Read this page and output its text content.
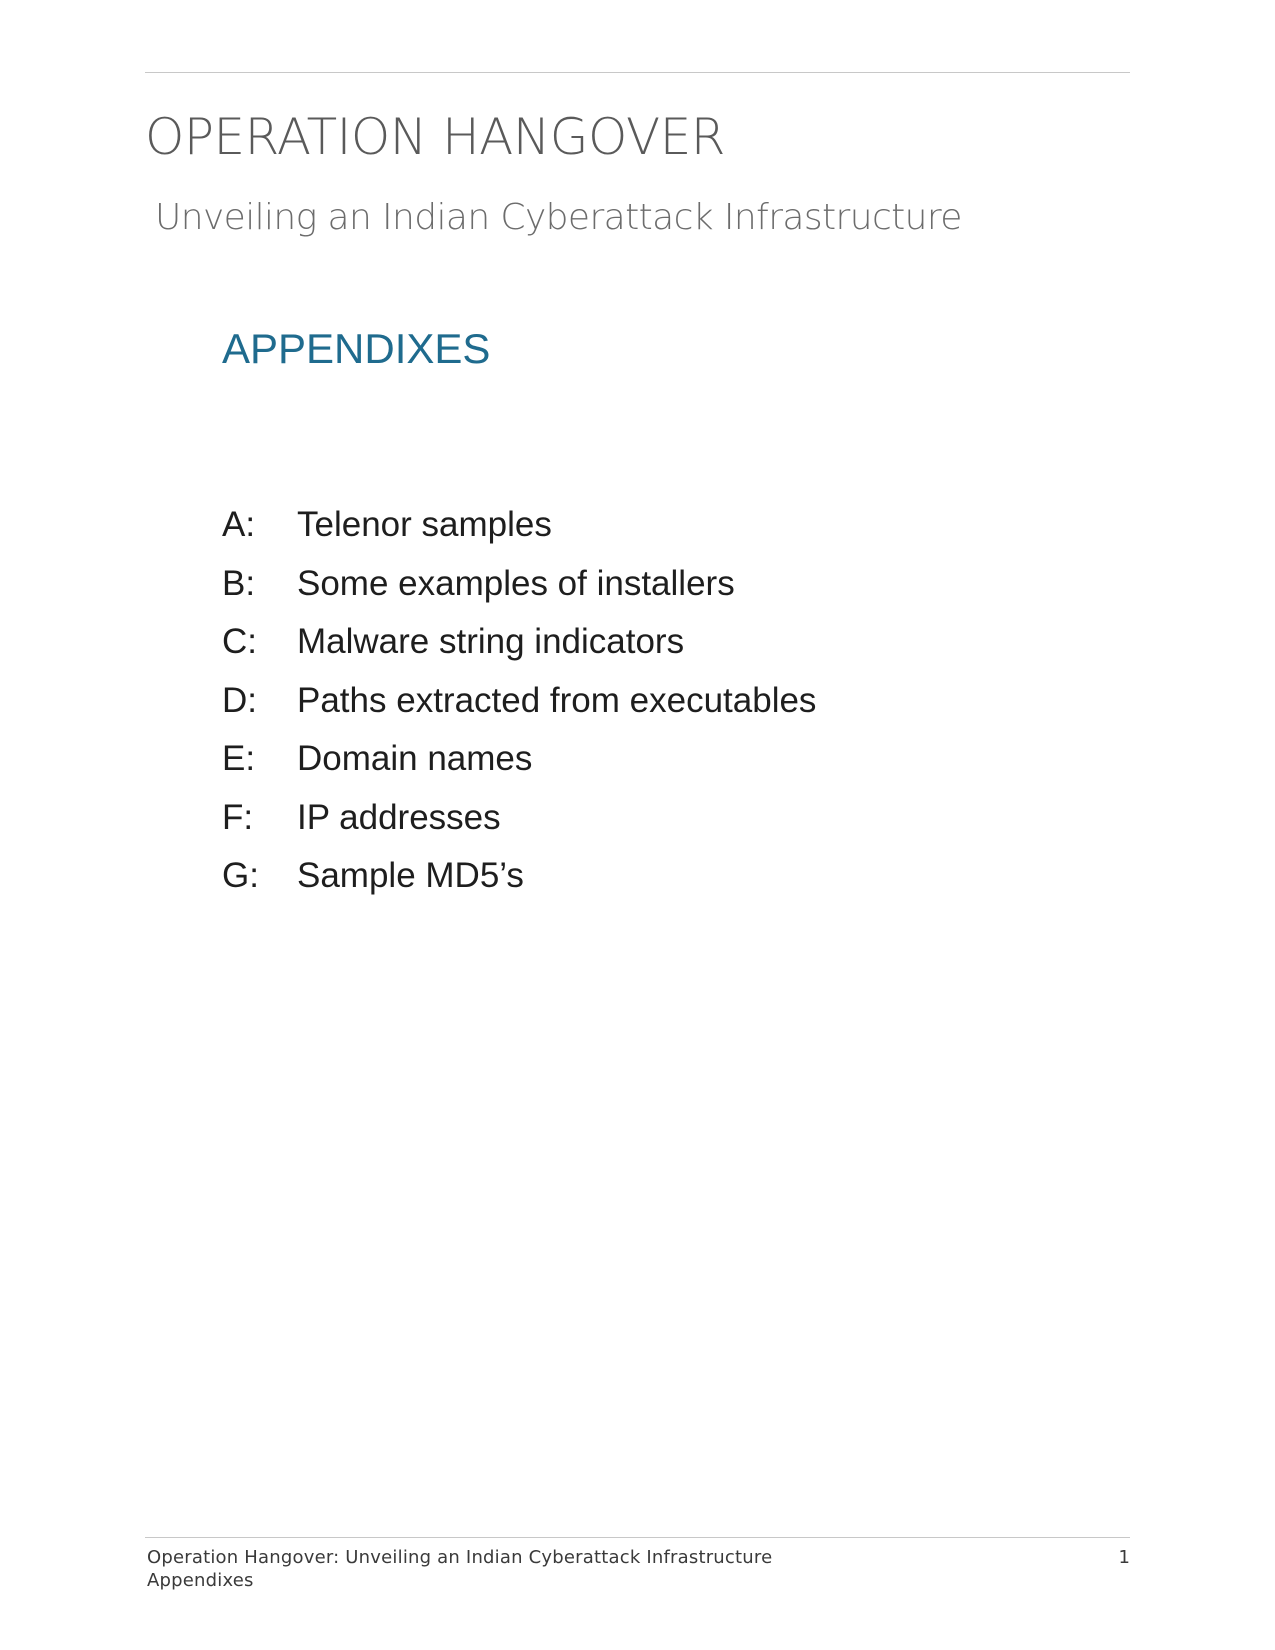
OPERATION HANGOVER
Unveiling an Indian Cyberattack Infrastructure
APPENDIXES
A:	Telenor samples
B:	Some examples of installers
C:	Malware string indicators
D:	Paths extracted from executables
E:	Domain names
F:	IP addresses
G:	Sample MD5’s
Operation Hangover: Unveiling an Indian Cyberattack Infrastructure
Appendixes
1
